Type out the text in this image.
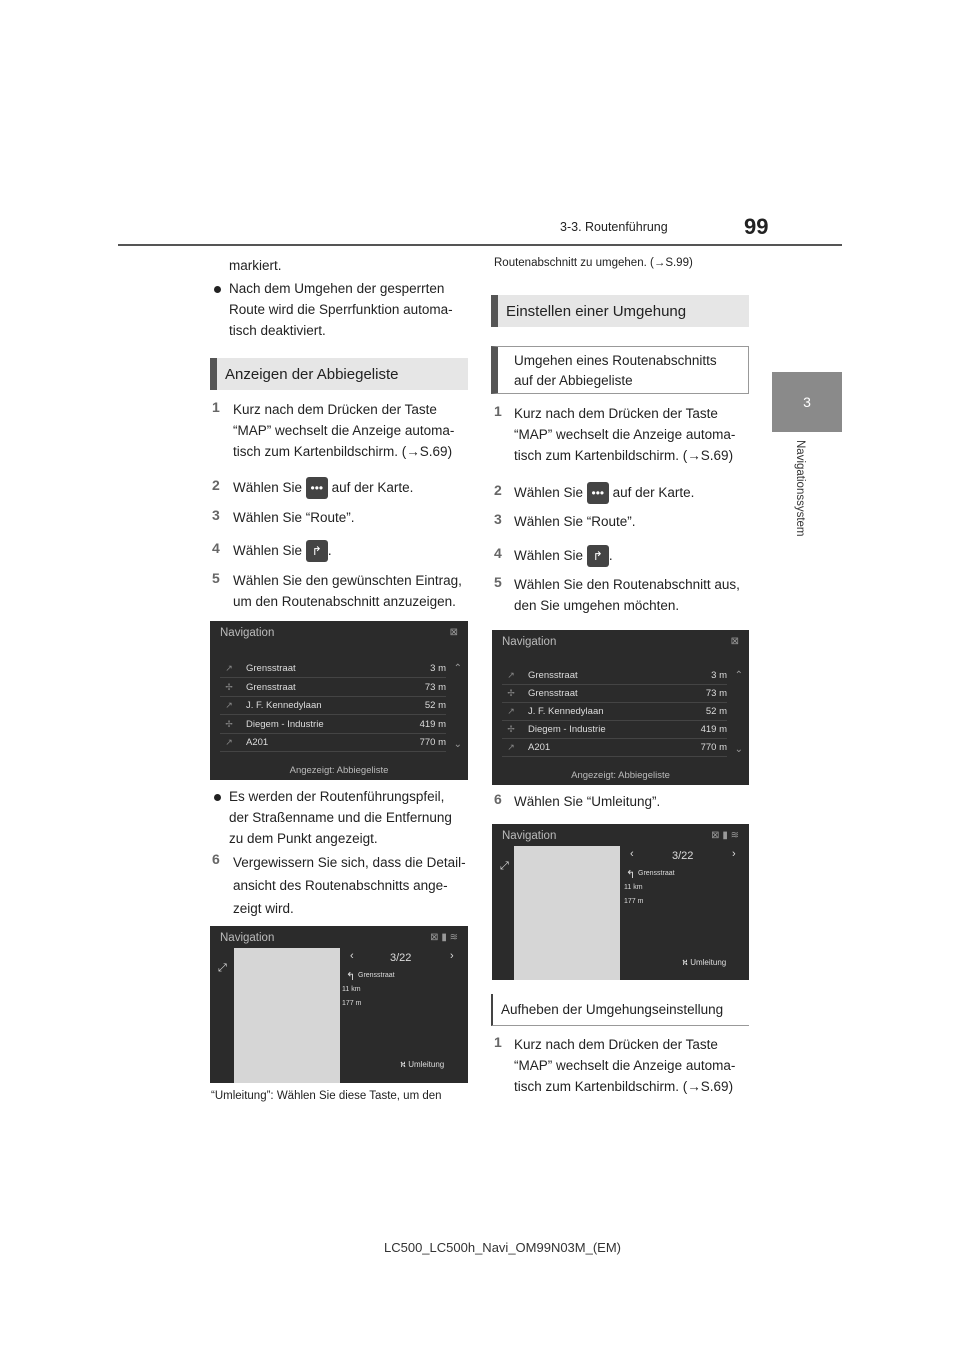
3-3. Routenführung	99
3
Navigationssystem
markiert.
Nach dem Umgehen der gesperrten
Route wird die Sperrfunktion automa-
tisch deaktiviert.
Anzeigen der Abbiegeliste
1 Kurz nach dem Drücken der Taste
“MAP” wechselt die Anzeige automa-
tisch zum Kartenbildschirm. (→S.69)
2 Wählen Sie ••• auf der Karte.
3 Wählen Sie “Route”.
4 Wählen Sie ↱ .
5 Wählen Sie den gewünschten Eintrag,
um den Routenabschnitt anzuzeigen.
Navigation	⊠
↗	Grensstraat	3 m
✢	Grensstraat	73 m
↗	J. F. Kennedylaan	52 m
✢	Diegem - Industrie	419 m
↗	A201	770 m
⌃
⌄
Angezeigt: Abbiegeliste
Es werden der Routenführungspfeil,
der Straßenname und die Entfernung
zu dem Punkt angezeigt.
6 Vergewissern Sie sich, dass die Detail-
ansicht des Routenabschnitts ange-
zeigt wird.
Navigation	⊠ ▮ ≋
⤢
‹	3/22	›
↰ Grensstraat
11 km
177 m
⛕ Umleitung
“Umleitung”: Wählen Sie diese Taste, um den
Routenabschnitt zu umgehen. (→S.99)
Einstellen einer Umgehung
Umgehen eines Routenabschnitts
auf der Abbiegeliste
1 Kurz nach dem Drücken der Taste
“MAP” wechselt die Anzeige automa-
tisch zum Kartenbildschirm. (→S.69)
2 Wählen Sie ••• auf der Karte.
3 Wählen Sie “Route”.
4 Wählen Sie ↱ .
5 Wählen Sie den Routenabschnitt aus,
den Sie umgehen möchten.
Navigation	⊠
↗	Grensstraat	3 m
✢	Grensstraat	73 m
↗	J. F. Kennedylaan	52 m
✢	Diegem - Industrie	419 m
↗	A201	770 m
⌃
⌄
Angezeigt: Abbiegeliste
6 Wählen Sie “Umleitung”.
Navigation	⊠ ▮ ≋
⤢
‹	3/22	›
↰ Grensstraat
11 km
177 m
⛕ Umleitung
Aufheben der Umgehungseinstellung
1 Kurz nach dem Drücken der Taste
“MAP” wechselt die Anzeige automa-
tisch zum Kartenbildschirm. (→S.69)
LC500_LC500h_Navi_OM99N03M_(EM)
